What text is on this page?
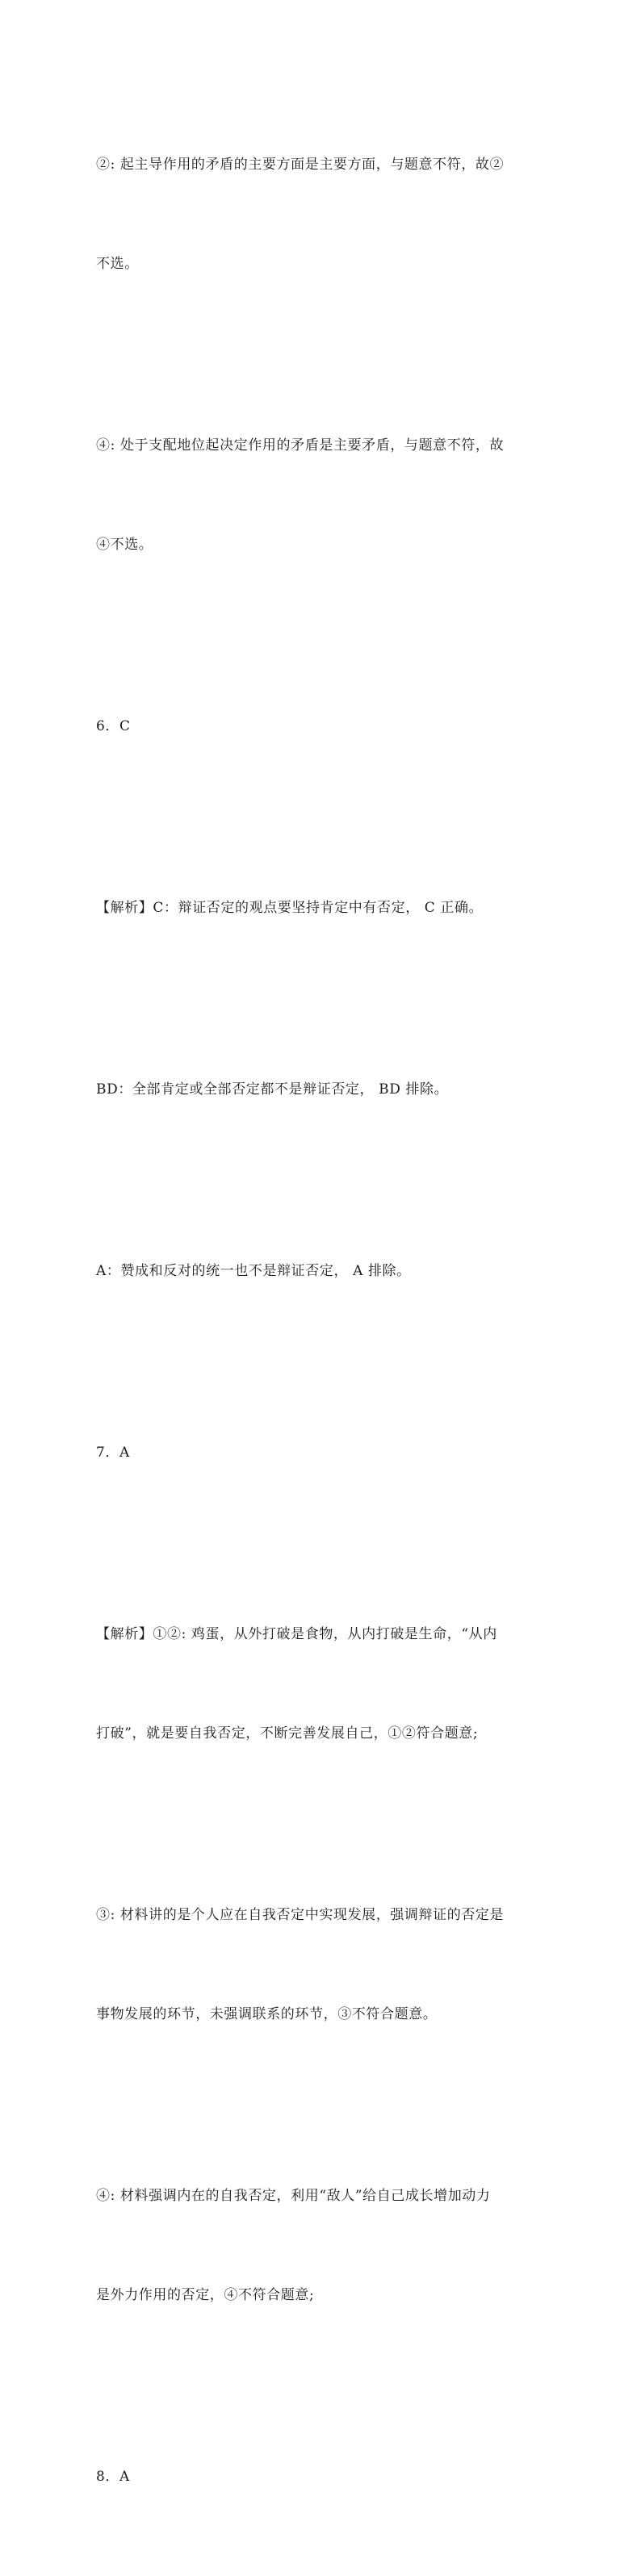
②: 起主导作用的矛盾的主要方面是主要方面，与题意不符，故②

不选。

④: 处于支配地位起决定作用的矛盾是主要矛盾，与题意不符，故

④不选。

6．C

【解析】C：辩证否定的观点要坚持肯定中有否定， C 正确。

BD：全部肯定或全部否定都不是辩证否定， BD 排除。

A：赞成和反对的统一也不是辩证否定， A 排除。

7．A

【解析】①②: 鸡蛋，从外打破是食物，从内打破是生命，“从内

打破”，就是要自我否定，不断完善发展自己，①②符合题意;

③: 材料讲的是个人应在自我否定中实现发展，强调辩证的否定是

事物发展的环节，未强调联系的环节，③不符合题意。

④: 材料强调内在的自我否定，利用“敌人”给自己成长增加动力

是外力作用的否定，④不符合题意;

8．A
